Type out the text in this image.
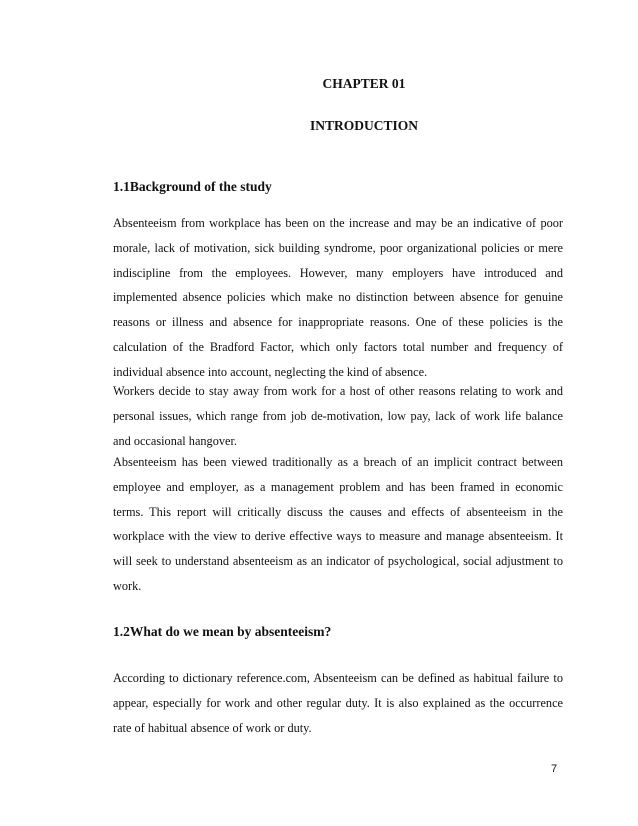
CHAPTER 01
INTRODUCTION
1.1Background of the study

Absenteeism from workplace has been on the increase and may be an indicative of poor morale, lack of motivation, sick building syndrome, poor organizational policies or mere indiscipline from the employees. However, many employers have introduced and implemented absence policies which make no distinction between absence for genuine reasons or illness and absence for inappropriate reasons. One of these policies is the calculation of the Bradford Factor, which only factors total number and frequency of individual absence into account, neglecting the kind of absence.

Workers decide to stay away from work for a host of other reasons relating to work and personal issues, which range from job de-motivation, low pay, lack of work life balance and occasional hangover.

Absenteeism has been viewed traditionally as a breach of an implicit contract between employee and employer, as a management problem and has been framed in economic terms. This report will critically discuss the causes and effects of absenteeism in the workplace with the view to derive effective ways to measure and manage absenteeism. It will seek to understand absenteeism as an indicator of psychological, social adjustment to work.

1.2What do we mean by absenteeism?

According to dictionary reference.com, Absenteeism can be defined as habitual failure to appear, especially for work and other regular duty. It is also explained as the occurrence rate of habitual absence of work or duty.

7
